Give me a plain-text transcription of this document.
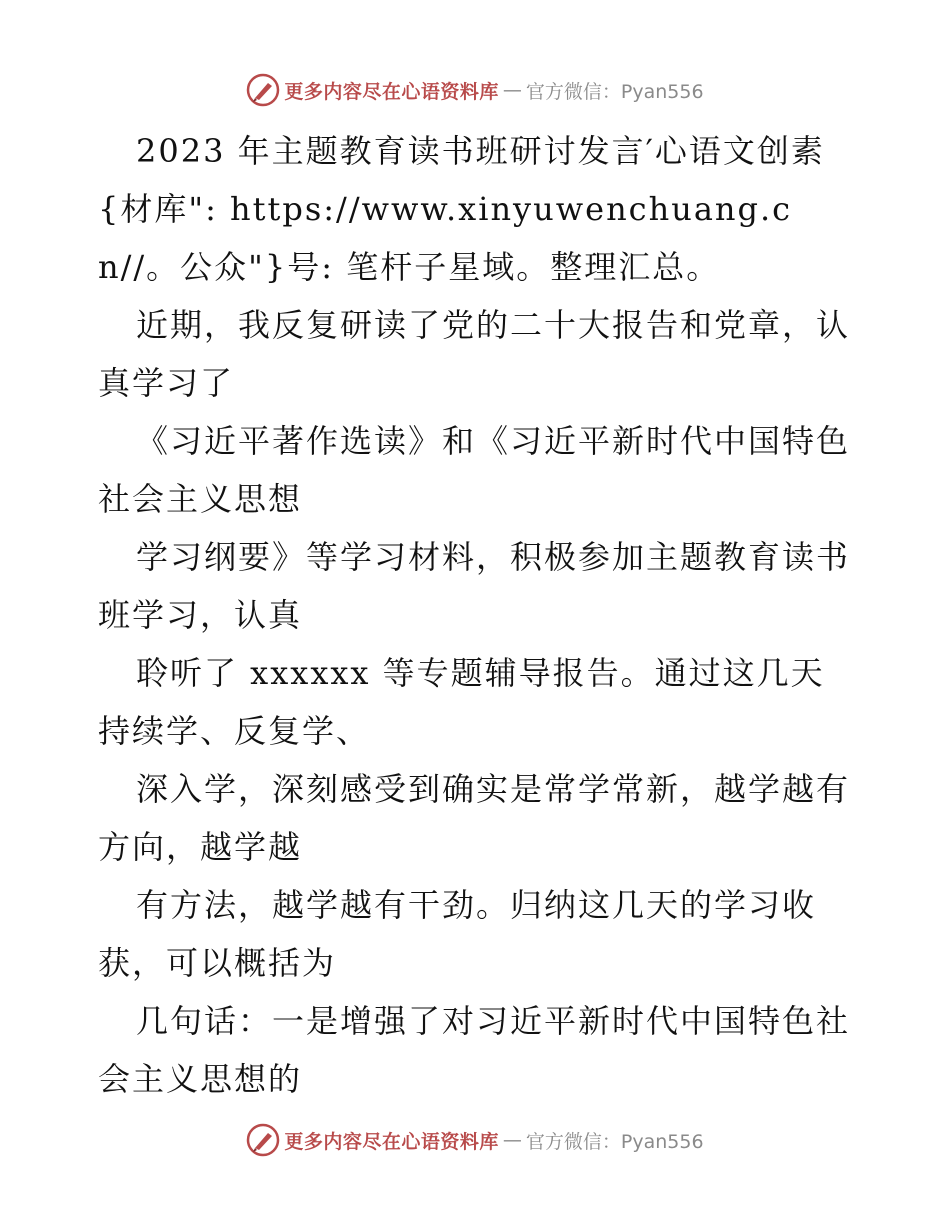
更多内容尽在心语资料库 — 官方微信：Pyan556

2023 年主题教育读书班研讨发言′心语文创素{材库": https://www.xinyuwenchuang.cn//。公众"}号: 笔杆子星域。整理汇总。

近期，我反复研读了党的二十大报告和党章，认真学习了

《习近平著作选读》和《习近平新时代中国特色社会主义思想

学习纲要》等学习材料，积极参加主题教育读书班学习，认真

聆听了 xxxxxx 等专题辅导报告。通过这几天持续学、反复学、

深入学，深刻感受到确实是常学常新，越学越有方向，越学越

有方法，越学越有干劲。归纳这几天的学习收获，可以概括为

几句话：一是增强了对习近平新时代中国特色社会主义思想的

更多内容尽在心语资料库 — 官方微信：Pyan556
